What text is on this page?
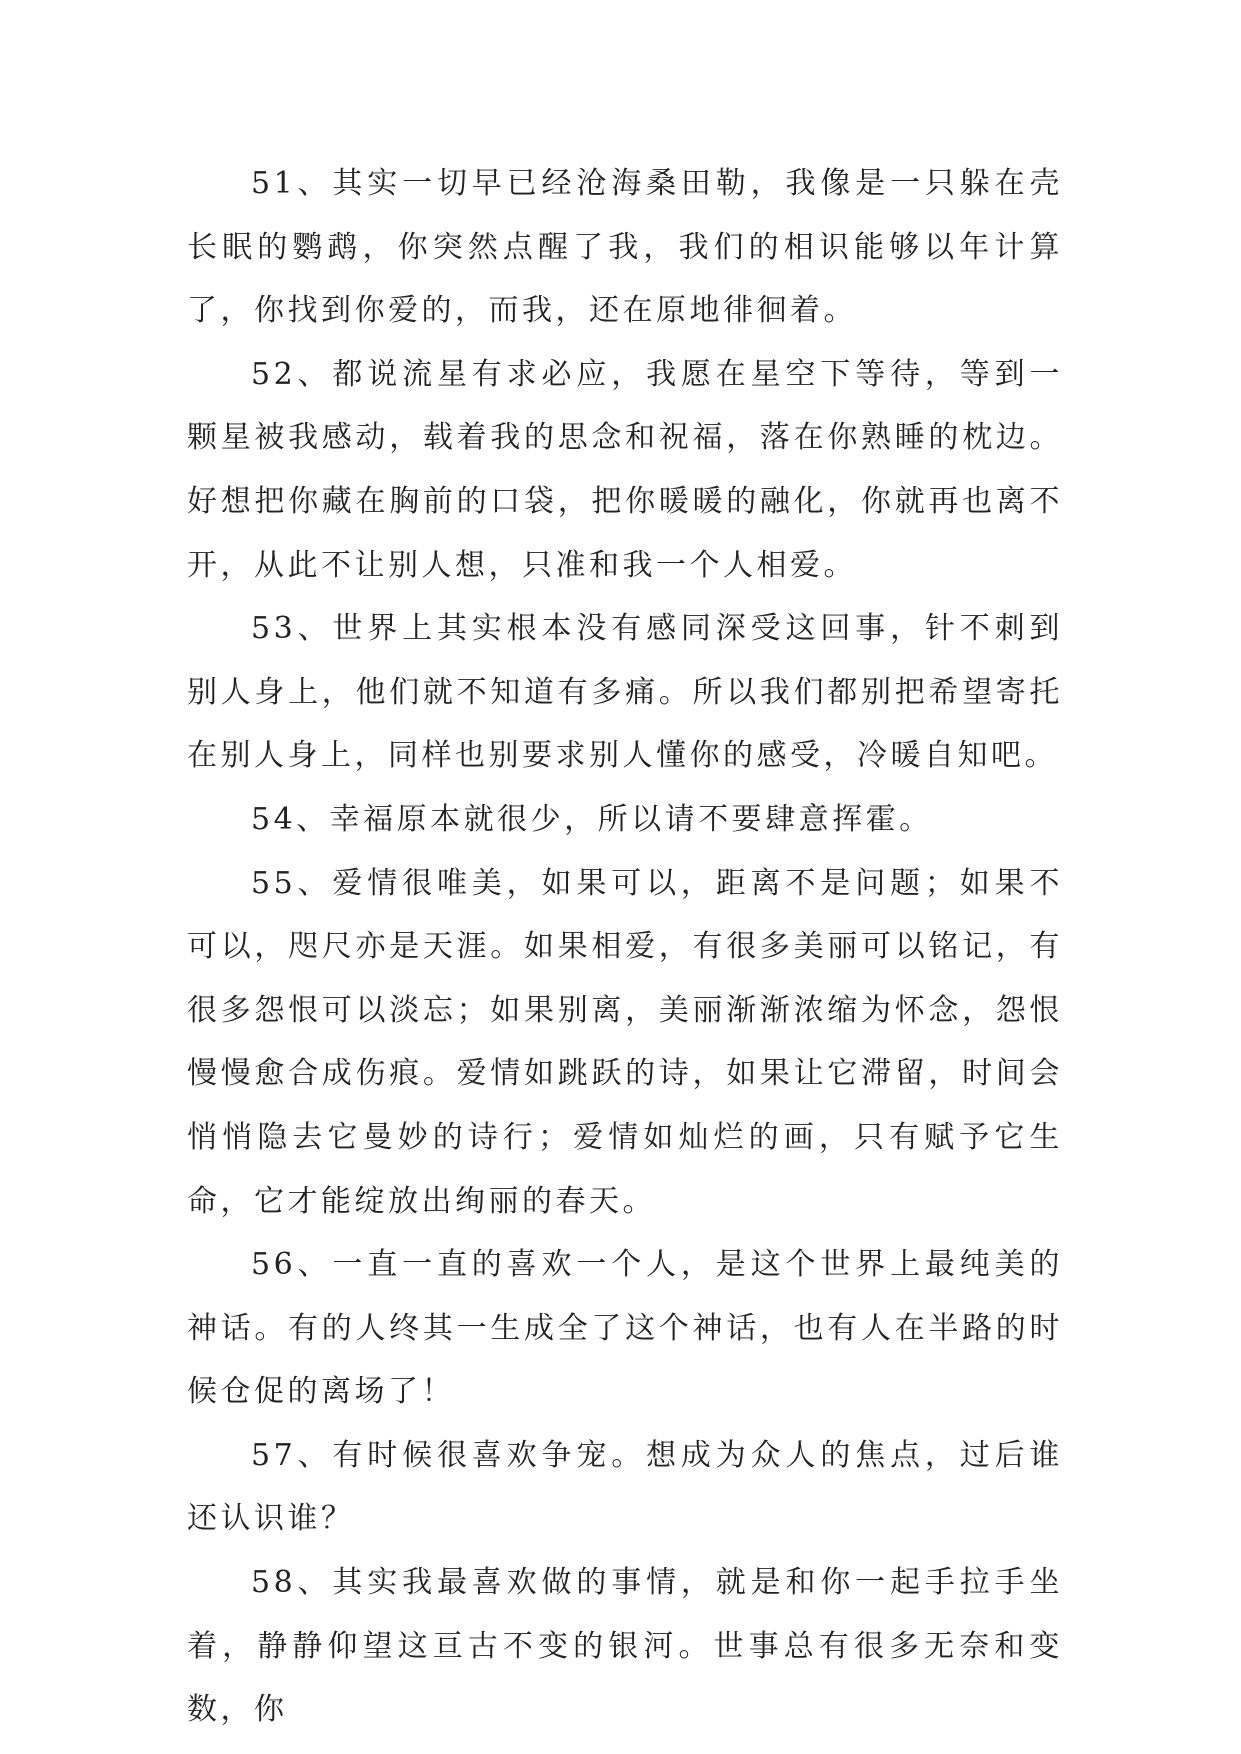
51、其实一切早已经沧海桑田勒，我像是一只躲在壳长眠的鹦鹉，你突然点醒了我，我们的相识能够以年计算了，你找到你爱的，而我，还在原地徘徊着。

52、都说流星有求必应，我愿在星空下等待，等到一颗星被我感动，载着我的思念和祝福，落在你熟睡的枕边。好想把你藏在胸前的口袋，把你暖暖的融化，你就再也离不开，从此不让别人想，只准和我一个人相爱。

53、世界上其实根本没有感同深受这回事，针不刺到别人身上，他们就不知道有多痛。所以我们都别把希望寄托在别人身上，同样也别要求别人懂你的感受，冷暖自知吧。

54、幸福原本就很少，所以请不要肆意挥霍。

55、爱情很唯美，如果可以，距离不是问题；如果不可以，咫尺亦是天涯。如果相爱，有很多美丽可以铭记，有很多怨恨可以淡忘；如果别离，美丽渐渐浓缩为怀念，怨恨慢慢愈合成伤痕。爱情如跳跃的诗，如果让它滞留，时间会悄悄隐去它曼妙的诗行；爱情如灿烂的画，只有赋予它生命，它才能绽放出绚丽的春天。

56、一直一直的喜欢一个人，是这个世界上最纯美的神话。有的人终其一生成全了这个神话，也有人在半路的时候仓促的离场了！

57、有时候很喜欢争宠。想成为众人的焦点，过后谁还认识谁？

58、其实我最喜欢做的事情，就是和你一起手拉手坐着，静静仰望这亘古不变的银河。世事总有很多无奈和变数，你
